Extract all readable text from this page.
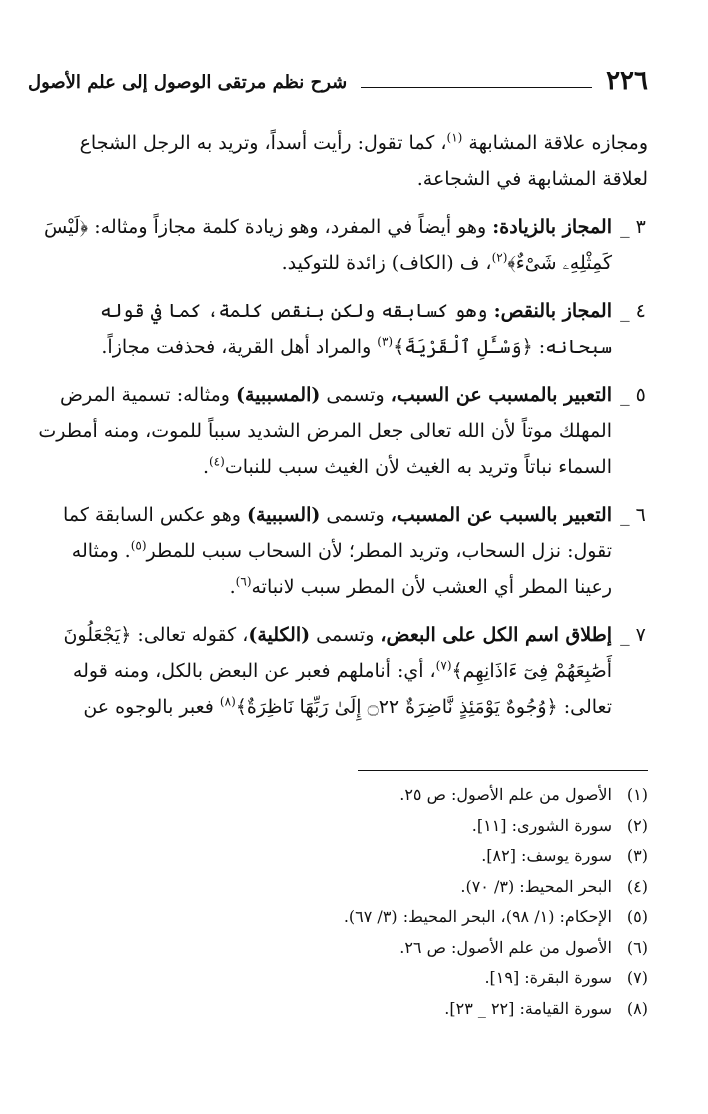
٢٢٦
شرح نظم مرتقى الوصول إلى علم الأصول

ومجازه علاقة المشابهة $^{(١)}$، كما تقول: رأيت أسداً، وتريد به الرجل الشجاع لعلاقة المشابهة في الشجاعة.

٣ _
المجاز بالزيادة: وهو أيضاً في المفرد، وهو زيادة كلمة مجازاً ومثاله: ﴿لَيْسَ كَمِثْلِهِۦ شَىْءٌ﴾$^{(٢)}$، ف (الكاف) زائدة للتوكيد.

٤ _
المجاز بالنقص: وهو كسابقه ولكن بنقص كلمة، كما في قوله سبحانه: ﴿وَسْـَٔلِ ٱلْقَرْيَةَ﴾$^{(٣)}$ والمراد أهل القرية، فحذفت مجازاً.

٥ _
التعبير بالمسبب عن السبب، وتسمى (المسببية) ومثاله: تسمية المرض المهلك موتاً لأن الله تعالى جعل المرض الشديد سبباً للموت، ومنه أمطرت السماء نباتاً وتريد به الغيث لأن الغيث سبب للنبات$^{(٤)}$.

٦ _
التعبير بالسبب عن المسبب، وتسمى (السببية) وهو عكس السابقة كما تقول: نزل السحاب، وتريد المطر؛ لأن السحاب سبب للمطر$^{(٥)}$. ومثاله رعينا المطر أي العشب لأن المطر سبب لانباته$^{(٦)}$.

٧ _
إطلاق اسم الكل على البعض، وتسمى (الكلية)، كقوله تعالى: ﴿يَجْعَلُونَ أَصَٰبِعَهُمْ فِىٓ ءَاذَانِهِم﴾$^{(٧)}$، أي: أناملهم فعبر عن البعض بالكل، ومنه قوله تعالى: ﴿وُجُوهٌ يَوْمَئِذٍ نَّاضِرَةٌ ۝٢٢ إِلَىٰ رَبِّهَا نَاظِرَةٌ﴾$^{(٨)}$ فعبر بالوجوه عن

(١)
الأصول من علم الأصول: ص ٢٥.
(٢)
سورة الشورى: [١١].
(٣)
سورة يوسف: [٨٢].
(٤)
البحر المحيط: (٣/ ٧٠).
(٥)
الإحكام: (١/ ٩٨)، البحر المحيط: (٣/ ٦٧).
(٦)
الأصول من علم الأصول: ص ٢٦.
(٧)
سورة البقرة: [١٩].
(٨)
سورة القيامة: [٢٢ _ ٢٣].
